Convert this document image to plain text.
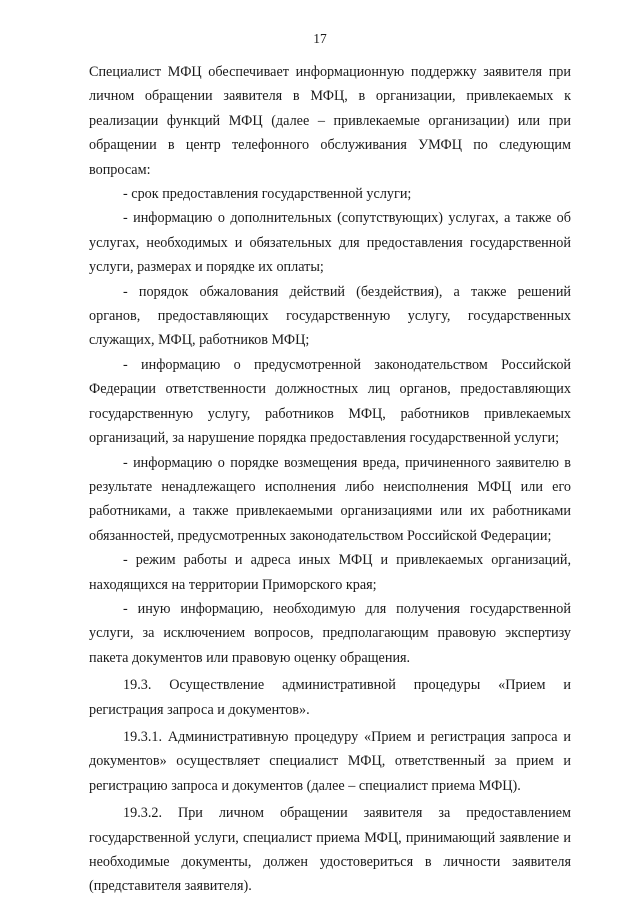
17

Специалист МФЦ обеспечивает информационную поддержку заявителя при личном обращении заявителя в МФЦ, в организации, привлекаемых к реализации функций МФЦ (далее – привлекаемые организации) или при обращении в центр телефонного обслуживания УМФЦ по следующим вопросам:

- срок предоставления государственной услуги;

- информацию о дополнительных (сопутствующих) услугах, а также об услугах, необходимых и обязательных для предоставления государственной услуги, размерах и порядке их оплаты;

- порядок обжалования действий (бездействия), а также решений органов, предоставляющих государственную услугу, государственных служащих, МФЦ, работников МФЦ;

- информацию о предусмотренной законодательством Российской Федерации ответственности должностных лиц органов, предоставляющих государственную услугу, работников МФЦ, работников привлекаемых организаций, за нарушение порядка предоставления государственной услуги;

- информацию о порядке возмещения вреда, причиненного заявителю в результате ненадлежащего исполнения либо неисполнения МФЦ или его работниками, а также привлекаемыми организациями или их работниками обязанностей, предусмотренных законодательством Российской Федерации;

- режим работы и адреса иных МФЦ и привлекаемых организаций, находящихся на территории Приморского края;

- иную информацию, необходимую для получения государственной услуги, за исключением вопросов, предполагающим правовую экспертизу пакета документов или правовую оценку обращения.

19.3. Осуществление административной процедуры «Прием и регистрация запроса и документов».

19.3.1. Административную процедуру «Прием и регистрация запроса и документов» осуществляет специалист МФЦ, ответственный за прием и регистрацию запроса и документов (далее – специалист приема МФЦ).

19.3.2. При личном обращении заявителя за предоставлением государственной услуги, специалист приема МФЦ, принимающий заявление и необходимые документы, должен удостовериться в личности заявителя (представителя заявителя).
